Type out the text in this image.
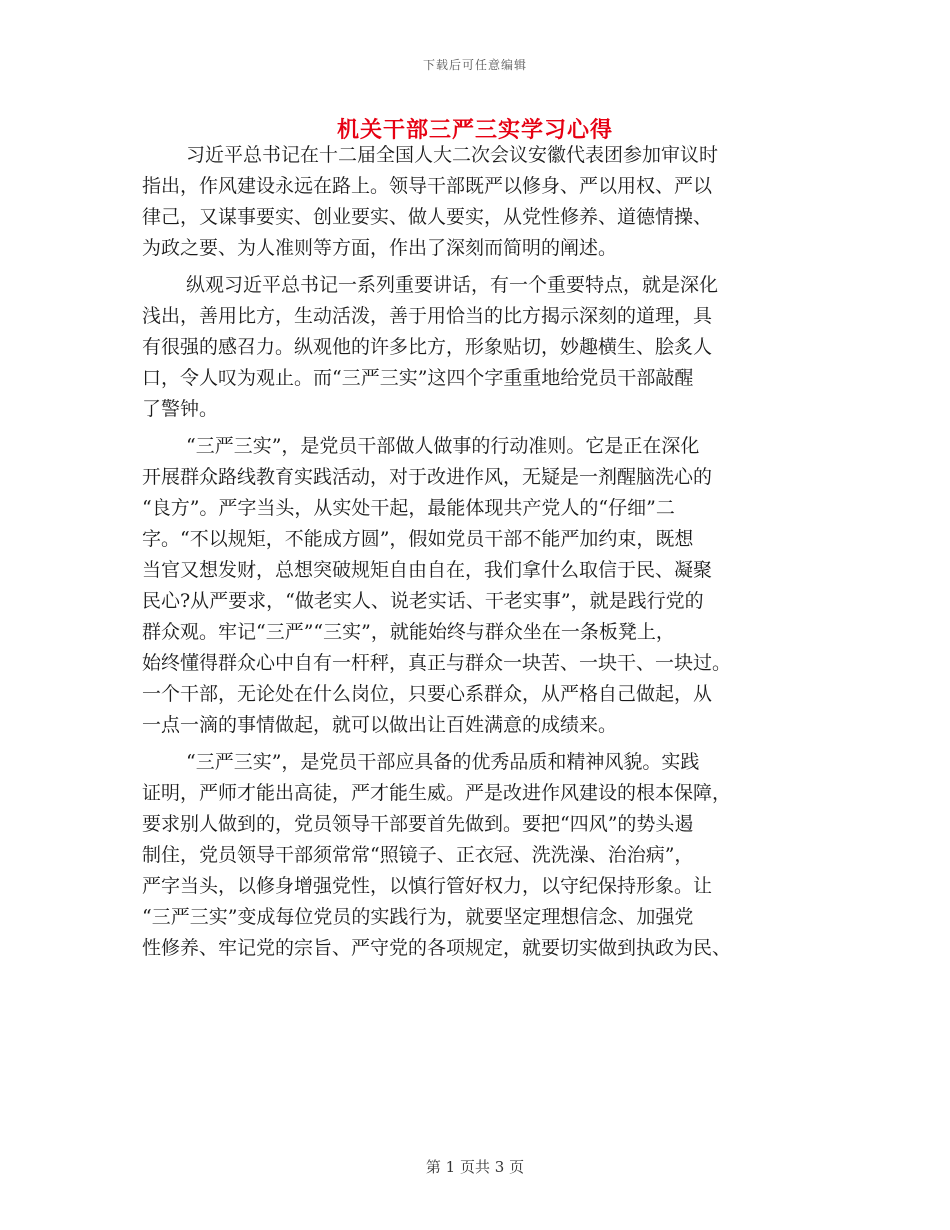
下载后可任意编辑
机关干部三严三实学习心得

习近平总书记在十二届全国人大二次会议安徽代表团参加审议时
指出，作风建设永远在路上。领导干部既严以修身、严以用权、严以
律己，又谋事要实、创业要实、做人要实，从党性修养、道德情操、
为政之要、为人准则等方面，作出了深刻而简明的阐述。

纵观习近平总书记一系列重要讲话，有一个重要特点，就是深化
浅出，善用比方，生动活泼，善于用恰当的比方揭示深刻的道理，具
有很强的感召力。纵观他的许多比方，形象贴切，妙趣横生、脍炙人
口，令人叹为观止。而“三严三实”这四个字重重地给党员干部敲醒
了警钟。

“三严三实”，是党员干部做人做事的行动准则。它是正在深化
开展群众路线教育实践活动，对于改进作风，无疑是一剂醒脑洗心的
“良方”。严字当头，从实处干起，最能体现共产党人的“仔细”二
字。“不以规矩，不能成方圆”，假如党员干部不能严加约束，既想
当官又想发财，总想突破规矩自由自在，我们拿什么取信于民、凝聚
民心?从严要求，“做老实人、说老实话、干老实事”，就是践行党的
群众观。牢记“三严”“三实”，就能始终与群众坐在一条板凳上，
始终懂得群众心中自有一杆秤，真正与群众一块苦、一块干、一块过。
一个干部，无论处在什么岗位，只要心系群众，从严格自己做起，从
一点一滴的事情做起，就可以做出让百姓满意的成绩来。

“三严三实”，是党员干部应具备的优秀品质和精神风貌。实践
证明，严师才能出高徒，严才能生威。严是改进作风建设的根本保障，
要求别人做到的，党员领导干部要首先做到。要把“四风”的势头遏
制住，党员领导干部须常常“照镜子、正衣冠、洗洗澡、治治病”，
严字当头，以修身增强党性，以慎行管好权力，以守纪保持形象。让
“三严三实”变成每位党员的实践行为，就要坚定理想信念、加强党
性修养、牢记党的宗旨、严守党的各项规定，就要切实做到执政为民、

第 1 页共 3 页
